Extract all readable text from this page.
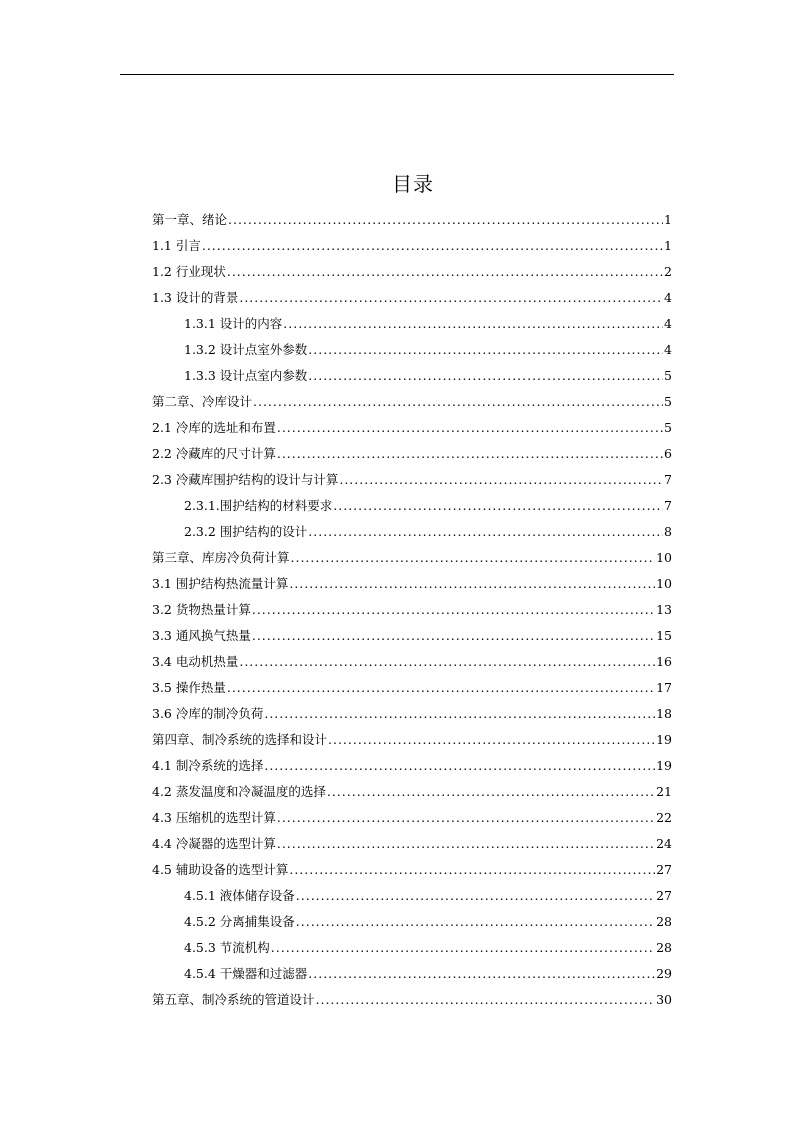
目录
第一章、绪论 .....	1
1.1 引言 .....	1
1.2 行业现状 .....	2
1.3 设计的背景 .....	4
1.3.1 设计的内容 .....	4
1.3.2 设计点室外参数 .....	4
1.3.3 设计点室内参数 .....	5
第二章、冷库设计 .....	5
2.1 冷库的选址和布置 .....	5
2.2 冷藏库的尺寸计算 .....	6
2.3 冷藏库围护结构的设计与计算 .....	7
2.3.1.围护结构的材料要求 .....	7
2.3.2 围护结构的设计 .....	8
第三章、库房冷负荷计算 .....	10
3.1 围护结构热流量计算 .....	10
3.2 货物热量计算 .....	13
3.3 通风换气热量 .....	15
3.4 电动机热量 .....	16
3.5 操作热量 .....	17
3.6 冷库的制冷负荷 .....	18
第四章、制冷系统的选择和设计 .....	19
4.1 制冷系统的选择 .....	19
4.2 蒸发温度和冷凝温度的选择 .....	21
4.3 压缩机的选型计算 .....	22
4.4 冷凝器的选型计算 .....	24
4.5 辅助设备的选型计算 .....	27
4.5.1 液体储存设备 .....	27
4.5.2 分离捕集设备 .....	28
4.5.3 节流机构 .....	28
4.5.4 干燥器和过滤器 .....	29
第五章、制冷系统的管道设计 .....	30
